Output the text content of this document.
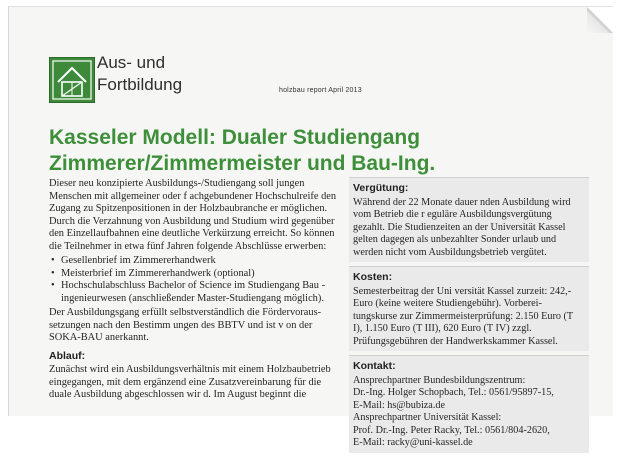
Aus- und
Fortbildung	holzbau report April 2013
Kasseler Modell: Dualer Studiengang
Zimmerer/Zimmermeister und Bau-Ing.

Dieser neu konzipierte Ausbildungs-/Studiengang soll jungen Menschen mit allgemeiner oder f achgebundener Hochschulreife den Zugang zu Spitzenpositionen in der Holzbaubranche er möglichen. Durch die Verzahnung von Ausbildung und Studium wird gegenüber den Einzellaufbahnen eine deutliche Verkürzung erreicht. So können die Teilnehmer in etwa fünf Jahren folgende Abschlüsse erwerben:

• Gesellenbrief im Zimmererhandwerk
• Meisterbrief im Zimmererhandwerk (optional)
• Hochschulabschluss Bachelor of Science im Studiengang Bau - ingenieurwesen (anschließender Master-Studiengang möglich).

Der Ausbildungsgang erfüllt selbstverständlich die Fördervoraus- setzungen nach den Bestimm ungen des BBTV und ist v on der SOKA-BAU anerkannt.

Ablauf:

Zunächst wird ein Ausbildungsverhältnis mit einem Holzbaubetrieb eingegangen, mit dem ergänzend eine Zusatzvereinbarung für die duale Ausbildung abgeschlossen wir d. Im August beginnt die

Vergütung:

Während der 22 Monate dauer nden Ausbildung wird vom Betrieb die r eguläre Ausbildungsvergütung gezahlt. Die Studienzeiten an der Universität Kassel gelten dagegen als unbezahlter Sonder urlaub und werden nicht vom Ausbildungsbetrieb vergütet.

Kosten:

Semesterbeitrag der Uni versität Kassel zurzeit: 242,- Euro (keine weitere Studiengebühr). Vorberei- tungskurse zur Zimmermeisterprüfung: 2.150 Euro (T I), 1.150 Euro (T III), 620 Euro (T IV) zzgl. Prüfungsgebühren der Handwerkskammer Kassel.

Kontakt:

Ansprechpartner Bundesbildungszentrum:

Dr.-Ing. Holger Schopbach, Tel.: 0561/95897-15,

E-Mail: hs@bubiza.de

Ansprechpartner Universität Kassel:

Prof. Dr.-Ing. Peter Racky, Tel.: 0561/804-2620,

E-Mail: racky@uni-kassel.de
